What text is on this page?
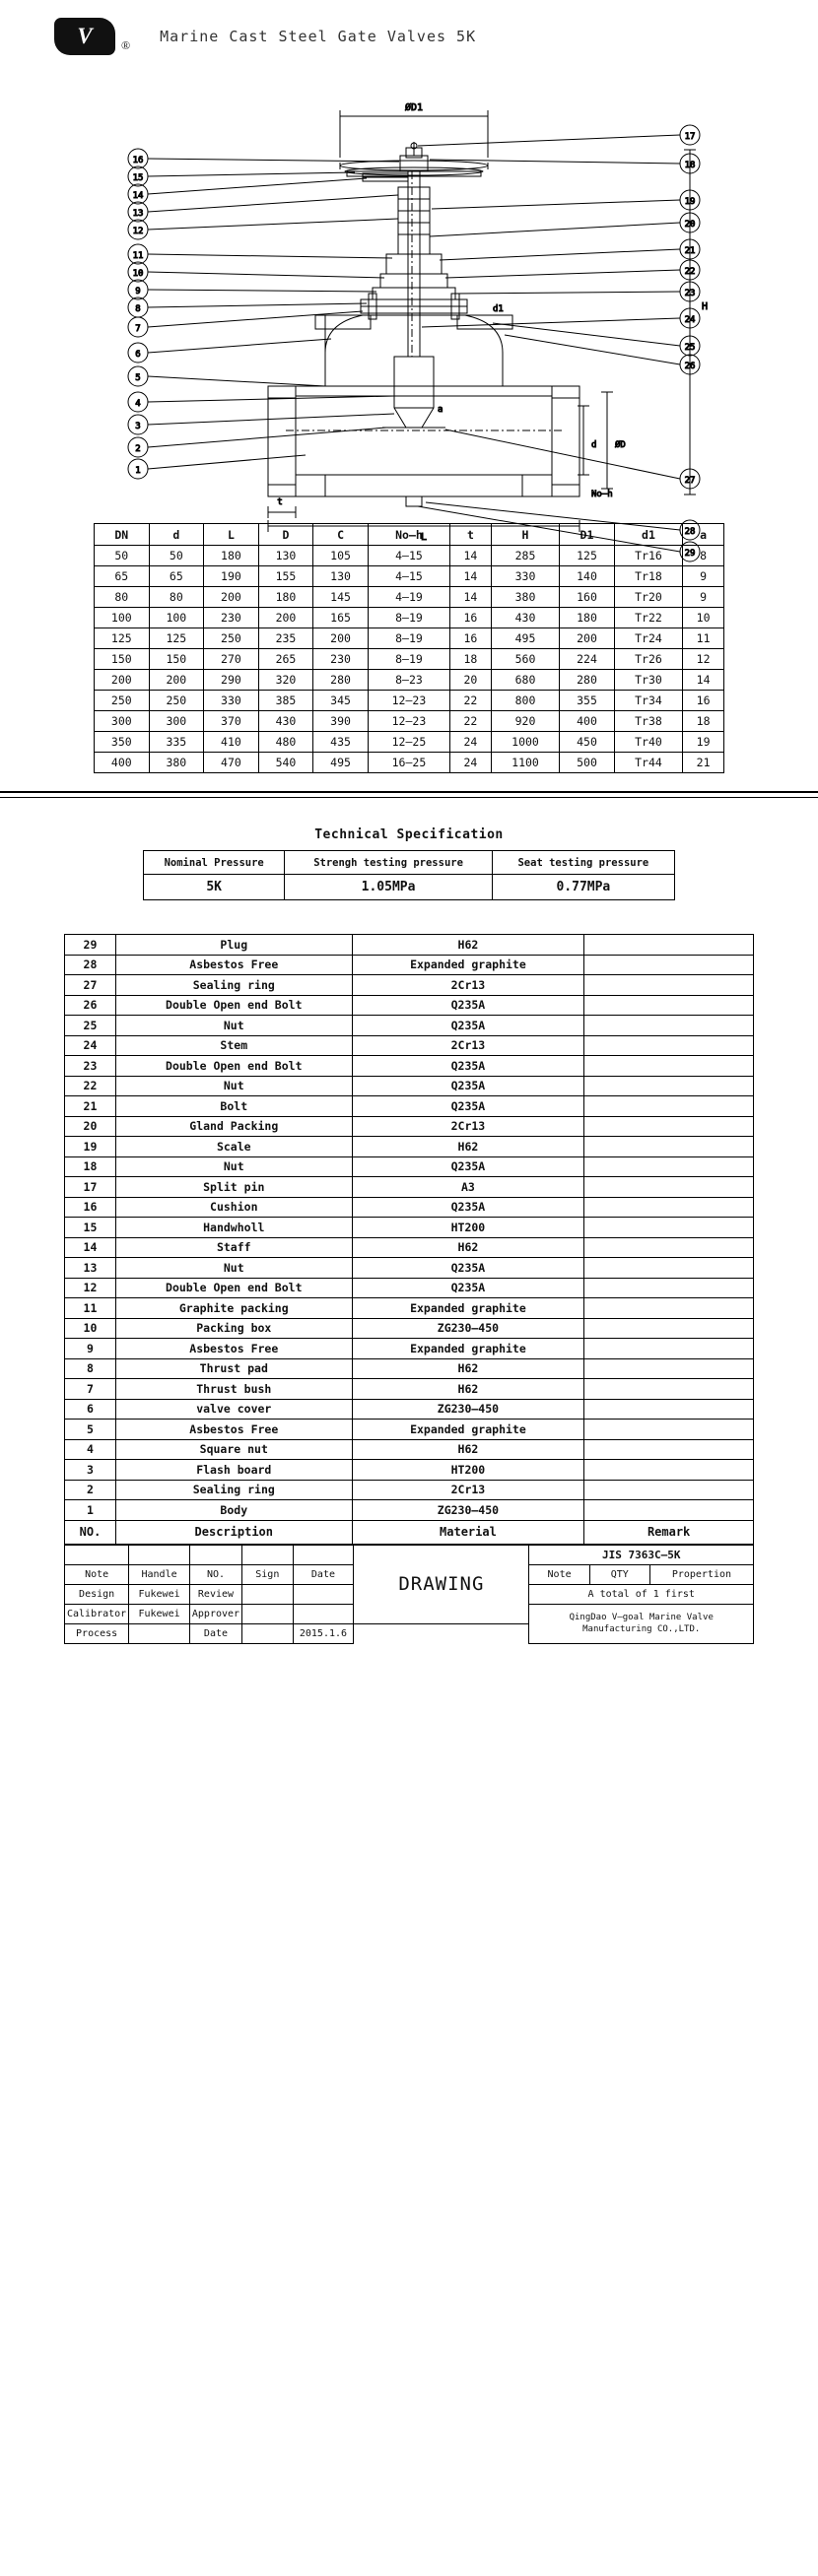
V	® Marine Cast Steel Gate Valves 5K
ØD1
H
d1
a
d ØD
No–h
t
L
16
15
14
13
12
11
10
9
8
7
6
5
4
3
2
1
17
18
19
20
21
22
23
24
25
26
27
28
29
DN	d	L	D	C	No–h	t	H	D1	d1	a
50	50	180	130	105	4–15	14	285	125	Tr16	8
65	65	190	155	130	4–15	14	330	140	Tr18	9
80	80	200	180	145	4–19	14	380	160	Tr20	9
100	100	230	200	165	8–19	16	430	180	Tr22	10
125	125	250	235	200	8–19	16	495	200	Tr24	11
150	150	270	265	230	8–19	18	560	224	Tr26	12
200	200	290	320	280	8–23	20	680	280	Tr30	14
250	250	330	385	345	12–23	22	800	355	Tr34	16
300	300	370	430	390	12–23	22	920	400	Tr38	18
350	335	410	480	435	12–25	24	1000	450	Tr40	19
400	380	470	540	495	16–25	24	1100	500	Tr44	21
Technical Specification
Nominal Pressure	Strengh testing pressure	Seat testing pressure
5K	1.05MPa	0.77MPa
29	Plug	H62	
28	Asbestos Free	Expanded graphite	
27	Sealing ring	2Cr13	
26	Double Open end Bolt	Q235A	
25	Nut	Q235A	
24	Stem	2Cr13	
23	Double Open end Bolt	Q235A	
22	Nut	Q235A	
21	Bolt	Q235A	
20	Gland Packing	2Cr13	
19	Scale	H62	
18	Nut	Q235A	
17	Split pin	A3	
16	Cushion	Q235A	
15	Handwholl	HT200	
14	Staff	H62	
13	Nut	Q235A	
12	Double Open end Bolt	Q235A	
11	Graphite packing	Expanded graphite	
10	Packing box	ZG230–450	
9	Asbestos Free	Expanded graphite	
8	Thrust pad	H62	
7	Thrust bush	H62	
6	valve cover	ZG230–450	
5	Asbestos Free	Expanded graphite	
4	Square nut	H62	
3	Flash board	HT200	
2	Sealing ring	2Cr13	
1	Body	ZG230–450	
NO.	Description	Material	Remark
					DRAWING	JIS 7363C–5K		
Note	Handle	NO.	Sign	Date		Note	QTY	Propertion
Design	Fukewei	Review				A total of 1 first		
Calibrator	Fukewei	Approver				QingDao V–goal Marine Valve
Manufacturing CO.,LTD.		
Process		Date		2015.1.6				
